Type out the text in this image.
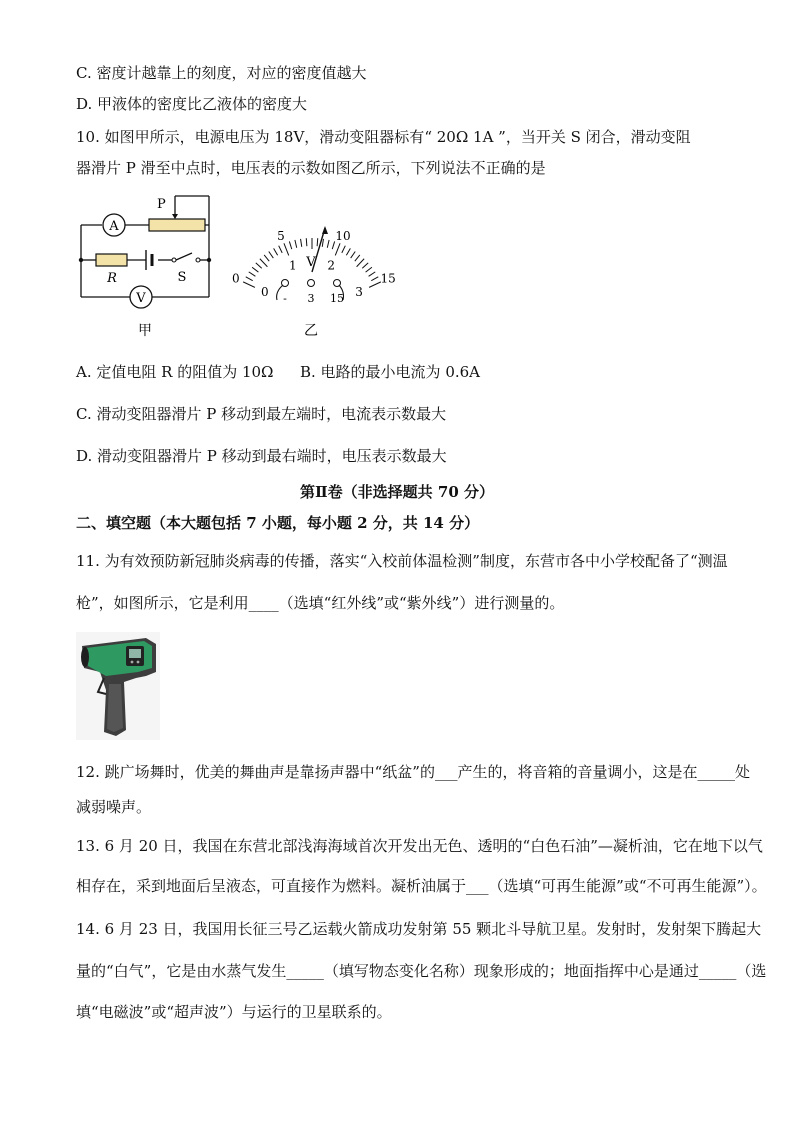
C. 密度计越靠上的刻度，对应的密度值越大
D. 甲液体的密度比乙液体的密度大
10. 如图甲所示，电源电压为 18V，滑动变阻器标有“ 20Ω 1A ”，当开关 S 闭合，滑动变阻
器滑片 P 滑至中点时，电压表的示数如图乙所示，下列说法不正确的是
A
P
R	S
V
甲
0
5	10
15
0
1	2
3
V
- 3 15
乙
A. 定值电阻 R 的阻值为 10Ω B. 电路的最小电流为 0.6A
C. 滑动变阻器滑片 P 移动到最左端时，电流表示数最大
D. 滑动变阻器滑片 P 移动到最右端时，电压表示数最大
第Ⅱ卷（非选择题共 70 分）
二、填空题（本大题包括 7 小题，每小题 2 分，共 14 分）
11. 为有效预防新冠肺炎病毒的传播，落实“入校前体温检测”制度，东营市各中小学校配备了“测温
枪”，如图所示，它是利用____（选填“红外线”或“紫外线”）进行测量的。
12. 跳广场舞时，优美的舞曲声是靠扬声器中“纸盆”的___产生的，将音箱的音量调小，这是在_____处
减弱噪声。
13. 6 月 20 日，我国在东营北部浅海海域首次开发出无色、透明的“白色石油”—凝析油，它在地下以气
相存在，采到地面后呈液态，可直接作为燃料。凝析油属于___（选填“可再生能源”或“不可再生能源”）。
14. 6 月 23 日，我国用长征三号乙运载火箭成功发射第 55 颗北斗导航卫星。发射时，发射架下腾起大
量的“白气”，它是由水蒸气发生_____（填写物态变化名称）现象形成的；地面指挥中心是通过_____（选
填“电磁波”或“超声波”）与运行的卫星联系的。
